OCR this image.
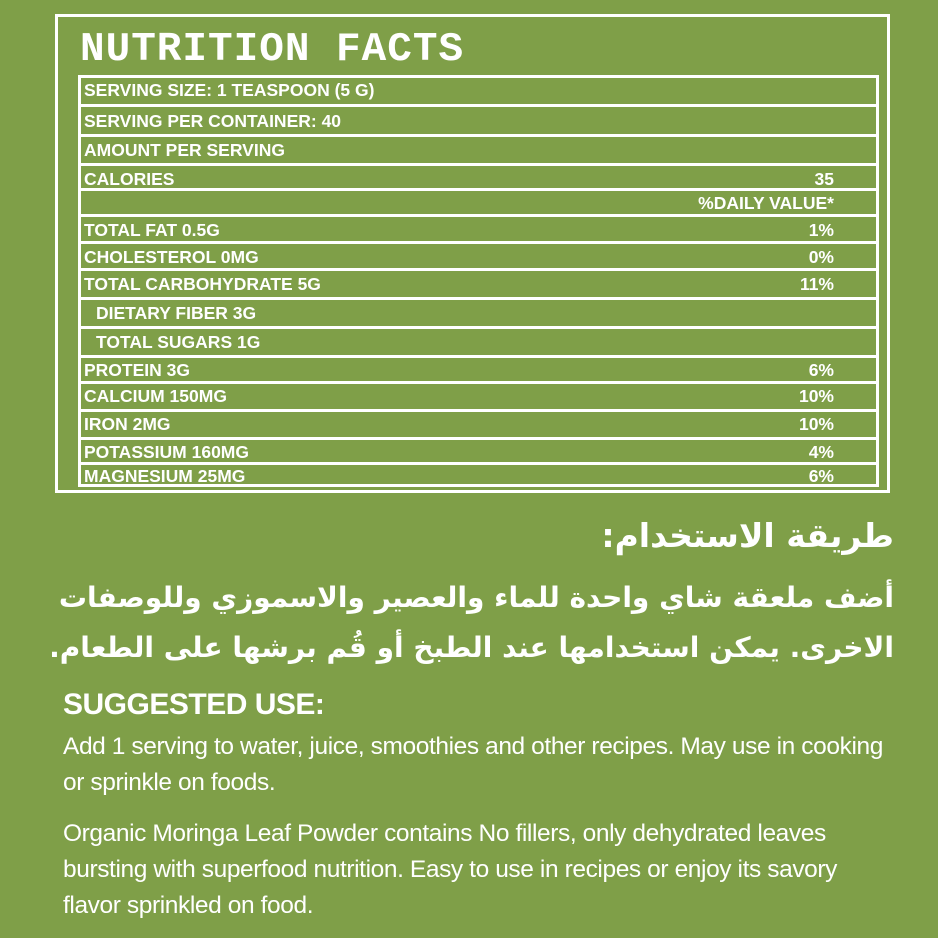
NUTRITION FACTS
SERVING SIZE: 1 TEASPOON (5 G)
SERVING PER CONTAINER: 40
AMOUNT PER SERVING
CALORIES	35
%DAILY VALUE*
TOTAL FAT 0.5G	1%
CHOLESTEROL 0MG	0%
TOTAL CARBOHYDRATE 5G	11%
DIETARY FIBER 3G
TOTAL SUGARS 1G
PROTEIN 3G	6%
CALCIUM 150MG	10%
IRON 2MG	10%
POTASSIUM 160MG	4%
MAGNESIUM 25MG	6%
طريقة الاستخدام:
أضف ملعقة شاي واحدة للماء والعصير والاسموزي وللوصفات الاخرى. يمكن استخدامها عند الطبخ أو قُم برشها على الطعام.
SUGGESTED USE:
Add 1 serving to water, juice, smoothies and other recipes. May use in cooking or sprinkle on foods.
Organic Moringa Leaf Powder contains No fillers, only dehydrated leaves bursting with superfood nutrition. Easy to use in recipes or enjoy its savory flavor sprinkled on food.
